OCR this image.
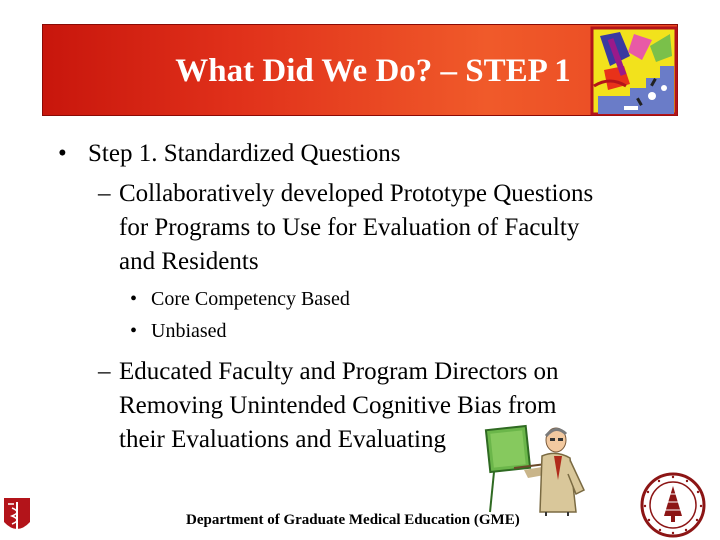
What Did We Do? – STEP 1
• Step 1. Standardized Questions
– Collaboratively developed Prototype Questions
for Programs to Use for Evaluation of Faculty
and Residents
• Core Competency Based
• Unbiased
– Educated Faculty and Program Directors on
Removing Unintended Cognitive Bias from
their Evaluations and Evaluating
Department of Graduate Medical Education (GME)
